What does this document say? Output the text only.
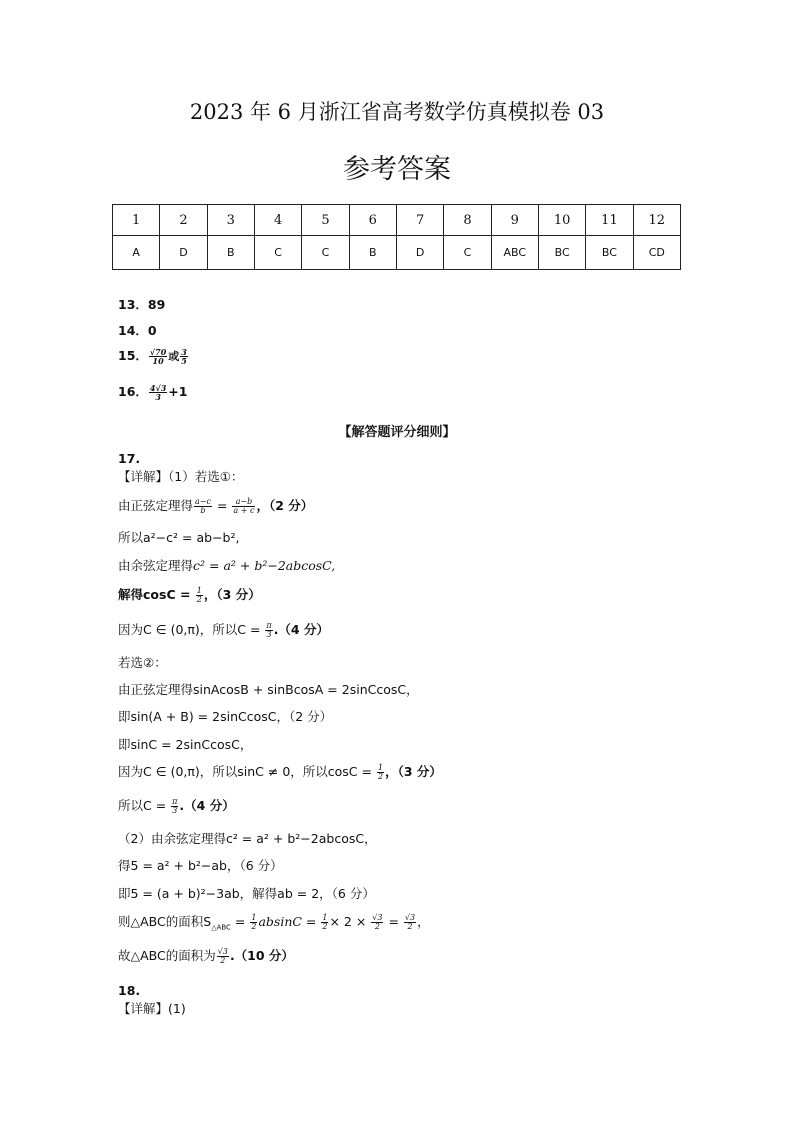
2023 年 6 月浙江省高考数学仿真模拟卷 03
参考答案
1	2	3	4	5	6	7	8	9	10	11	12
A	D	B	C	C	B	D	C	ABC	BC	BC	CD
13．89
14．0
15． $\frac{√70}{10}$ 或 $\frac{3}{5}$
16． $\frac{4√3}{3} +1$
【解答题评分细则】
17.
【详解】（1）若选①：
由正弦定理得 $\frac{a-c}{b} = \frac{a-b}{a + c}$ ，（2 分）
所以a²−c² = ab−b²,
由余弦定理得c² = a² + b²−2abcosC,
解得$\cos C = \frac{1}{2}$ ，（3 分）
因为C ∈ (0,π)，所以$C = \frac{\pi}{3} .(4$ 分）
若选②：
由正弦定理得sinAcosB + sinBcosA = 2sinCcosC，
即sin(A + B) = 2sinCcosC，（2 分）
即sinC = 2sinCcosC，
因为C ∈ (0,π)，所以sinC ≠ 0，所以$\cos C = \frac{1}{2}$ ，（3 分）
所以$C = \frac{\pi}{3} .(4$ 分）
（2）由余弦定理得c² = a² + b²−2abcosC，
得5 = a² + b²−ab，（6 分）
即5 = (a + b)²−3ab，解得ab = 2，（6 分）
则△ABC的面积$S_{\triangle ABC} = \frac{1}{2}$ $absinC = \frac{1}{2} \times 2 \times \frac{√3}{2} = \frac{√3}{2}$ ，
故△ABC的面积为 $\frac{√3}{2} .(10$ 分）
18.
【详解】(1)
